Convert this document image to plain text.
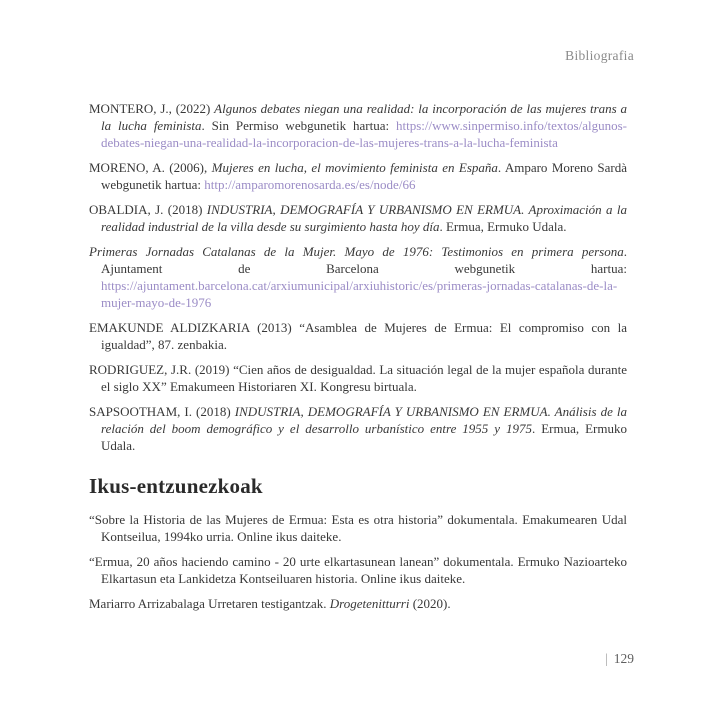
Bibliografia

MONTERO, J., (2022) Algunos debates niegan una realidad: la incorporación de las mujeres trans a la lucha feminista. Sin Permiso webgunetik hartua: https://www.sinpermiso.info/textos/algunos-debates-niegan-una-realidad-la-incorporacion-de-las-mujeres-trans-a-la-lucha-feminista

MORENO, A. (2006), Mujeres en lucha, el movimiento feminista en España. Amparo Moreno Sardà webgunetik hartua: http://amparomorenosarda.es/es/node/66

OBALDIA, J. (2018) INDUSTRIA, DEMOGRAFÍA Y URBANISMO EN ERMUA. Aproximación a la realidad industrial de la villa desde su surgimiento hasta hoy día. Ermua, Ermuko Udala.

Primeras Jornadas Catalanas de la Mujer. Mayo de 1976: Testimonios en primera persona. Ajuntament de Barcelona webgunetik hartua: https://ajuntament.barcelona.cat/arxiumunicipal/arxiuhistoric/es/primeras-jornadas-catalanas-de-la-mujer-mayo-de-1976

EMAKUNDE ALDIZKARIA (2013) “Asamblea de Mujeres de Ermua: El compromiso con la igualdad”, 87. zenbakia.

RODRIGUEZ, J.R. (2019) “Cien años de desigualdad. La situación legal de la mujer española durante el siglo XX” Emakumeen Historiaren XI. Kongresu birtuala.

SAPSOOTHAM, I. (2018) INDUSTRIA, DEMOGRAFÍA Y URBANISMO EN ERMUA. Análisis de la relación del boom demográfico y el desarrollo urbanístico entre 1955 y 1975. Ermua, Ermuko Udala.

Ikus-entzunezkoak

“Sobre la Historia de las Mujeres de Ermua: Esta es otra historia” dokumentala. Emakumearen Udal Kontseilua, 1994ko urria. Online ikus daiteke.

“Ermua, 20 años haciendo camino - 20 urte elkartasunean lanean” dokumentala. Ermuko Nazioarteko Elkartasun eta Lankidetza Kontseiluaren historia. Online ikus daiteke.

Mariarro Arrizabalaga Urretaren testigantzak. Drogetenitturri (2020).

| 129
